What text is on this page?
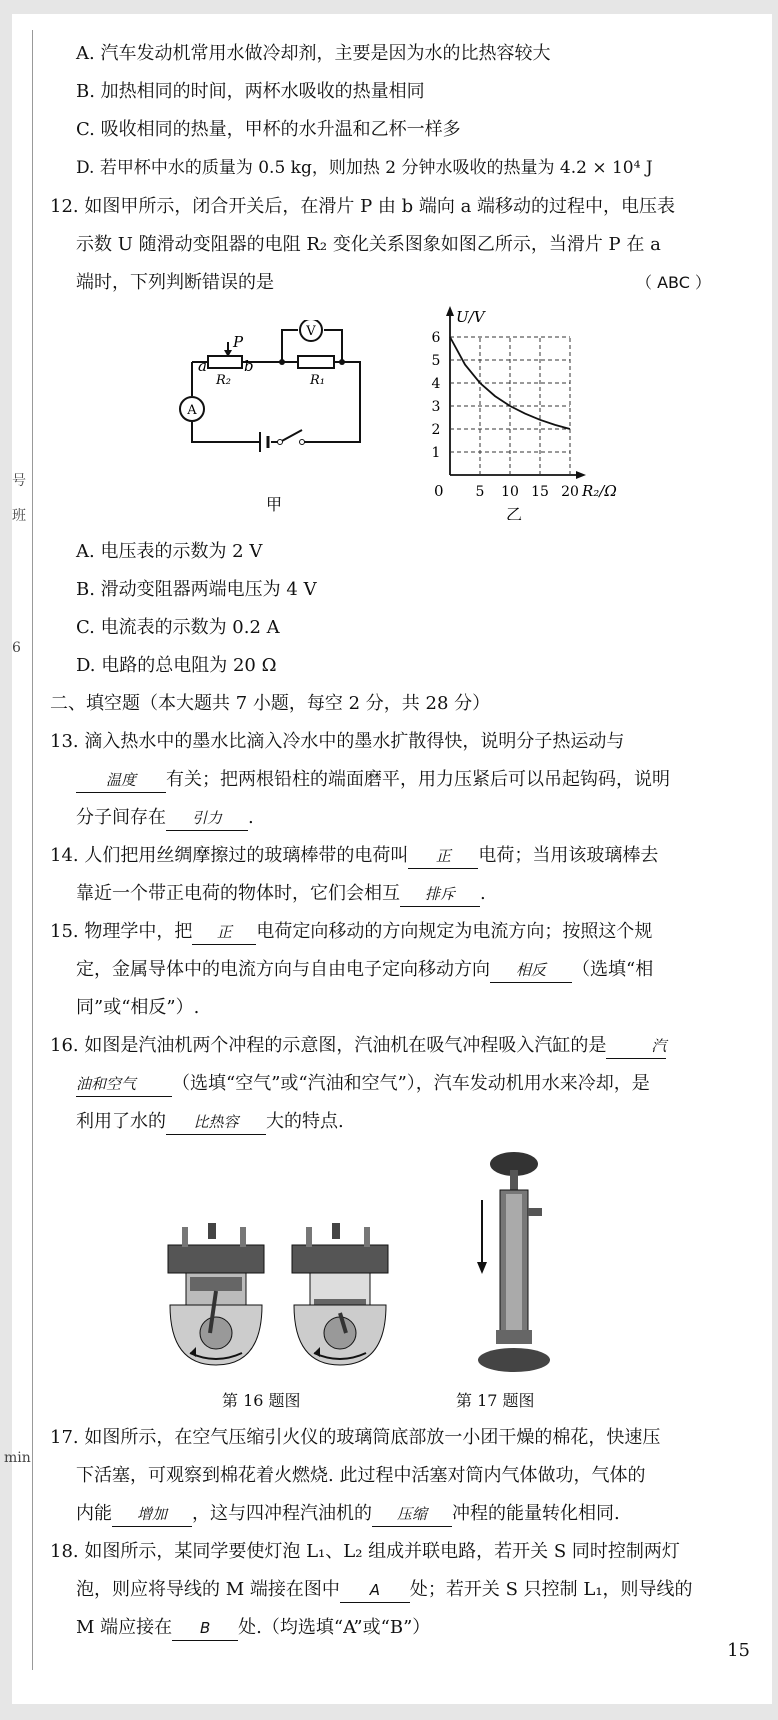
号
班
6
min
A. 汽车发动机常用水做冷却剂，主要是因为水的比热容较大
B. 加热相同的时间，两杯水吸收的热量相同
C. 吸收相同的热量，甲杯的水升温和乙杯一样多
D. 若甲杯中水的质量为 0.5 kg，则加热 2 分钟水吸收的热量为 4.2 × 10⁴ J
12. 如图甲所示，闭合开关后，在滑片 P 由 b 端向 a 端移动的过程中，电压表
示数 U 随滑动变阻器的电阻 R₂ 变化关系图象如图乙所示，当滑片 P 在 a
端时，下列判断错误的是	（ ABC ）
V
A
P
a b
R₂	R₁
甲
1
2
3
4
5
6
5 10 15 20
U/V
R₂/Ω
0
乙
A. 电压表的示数为 2 V
B. 滑动变阻器两端电压为 4 V
C. 电流表的示数为 0.2 A
D. 电路的总电阻为 20 Ω
二、填空题（本大题共 7 小题，每空 2 分，共 28 分）
13. 滴入热水中的墨水比滴入冷水中的墨水扩散得快，说明分子热运动与
温度 有关；把两根铅柱的端面磨平，用力压紧后可以吊起钩码，说明
分子间存在 引力 .
14. 人们把用丝绸摩擦过的玻璃棒带的电荷叫 正 电荷；当用该玻璃棒去
靠近一个带正电荷的物体时，它们会相互 排斥 .
15. 物理学中，把 正 电荷定向移动的方向规定为电流方向；按照这个规
定，金属导体中的电流方向与自由电子定向移动方向 相反 （选填“相
同”或“相反”）.
16. 如图是汽油机两个冲程的示意图，汽油机在吸气冲程吸入汽缸的是	汽
油和空气 （选填“空气”或“汽油和空气”），汽车发动机用水来冷却，是
利用了水的 比热容 大的特点.
第 16 题图	第 17 题图
17. 如图所示，在空气压缩引火仪的玻璃筒底部放一小团干燥的棉花，快速压
下活塞，可观察到棉花着火燃烧. 此过程中活塞对筒内气体做功，气体的
内能 增加 ，这与四冲程汽油机的 压缩 冲程的能量转化相同.
18. 如图所示，某同学要使灯泡 L₁、L₂ 组成并联电路，若开关 S 同时控制两灯
泡，则应将导线的 M 端接在图中 A 处；若开关 S 只控制 L₁，则导线的
M 端应接在 B 处.（均选填“A”或“B”）
15
